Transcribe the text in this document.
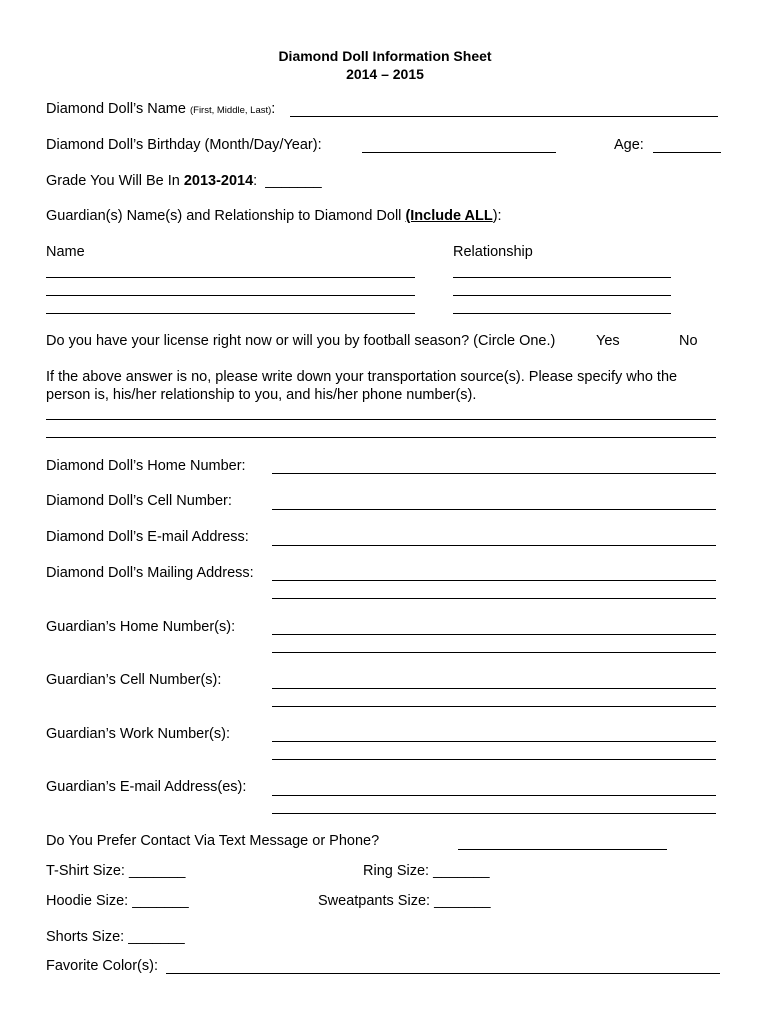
Diamond Doll Information Sheet
2014 – 2015
Diamond Doll’s Name (First, Middle, Last):
Diamond Doll’s Birthday (Month/Day/Year):	Age:
Grade You Will Be In 2013-2014: _______
Guardian(s) Name(s) and Relationship to Diamond Doll (Include ALL):
Name	Relationship
Do you have your license right now or will you by football season? (Circle One.)	Yes	No
If the above answer is no, please write down your transportation source(s). Please specify who the
person is, his/her relationship to you, and his/her phone number(s).
Diamond Doll’s Home Number:
Diamond Doll’s Cell Number:
Diamond Doll’s E-mail Address:
Diamond Doll’s Mailing Address:
Guardian’s Home Number(s):
Guardian’s Cell Number(s):
Guardian’s Work Number(s):
Guardian’s E-mail Address(es):
Do You Prefer Contact Via Text Message or Phone?
T-Shirt Size: _______	Ring Size: _______
Hoodie Size: _______	Sweatpants Size: _______
Shorts Size: _______
Favorite Color(s):
